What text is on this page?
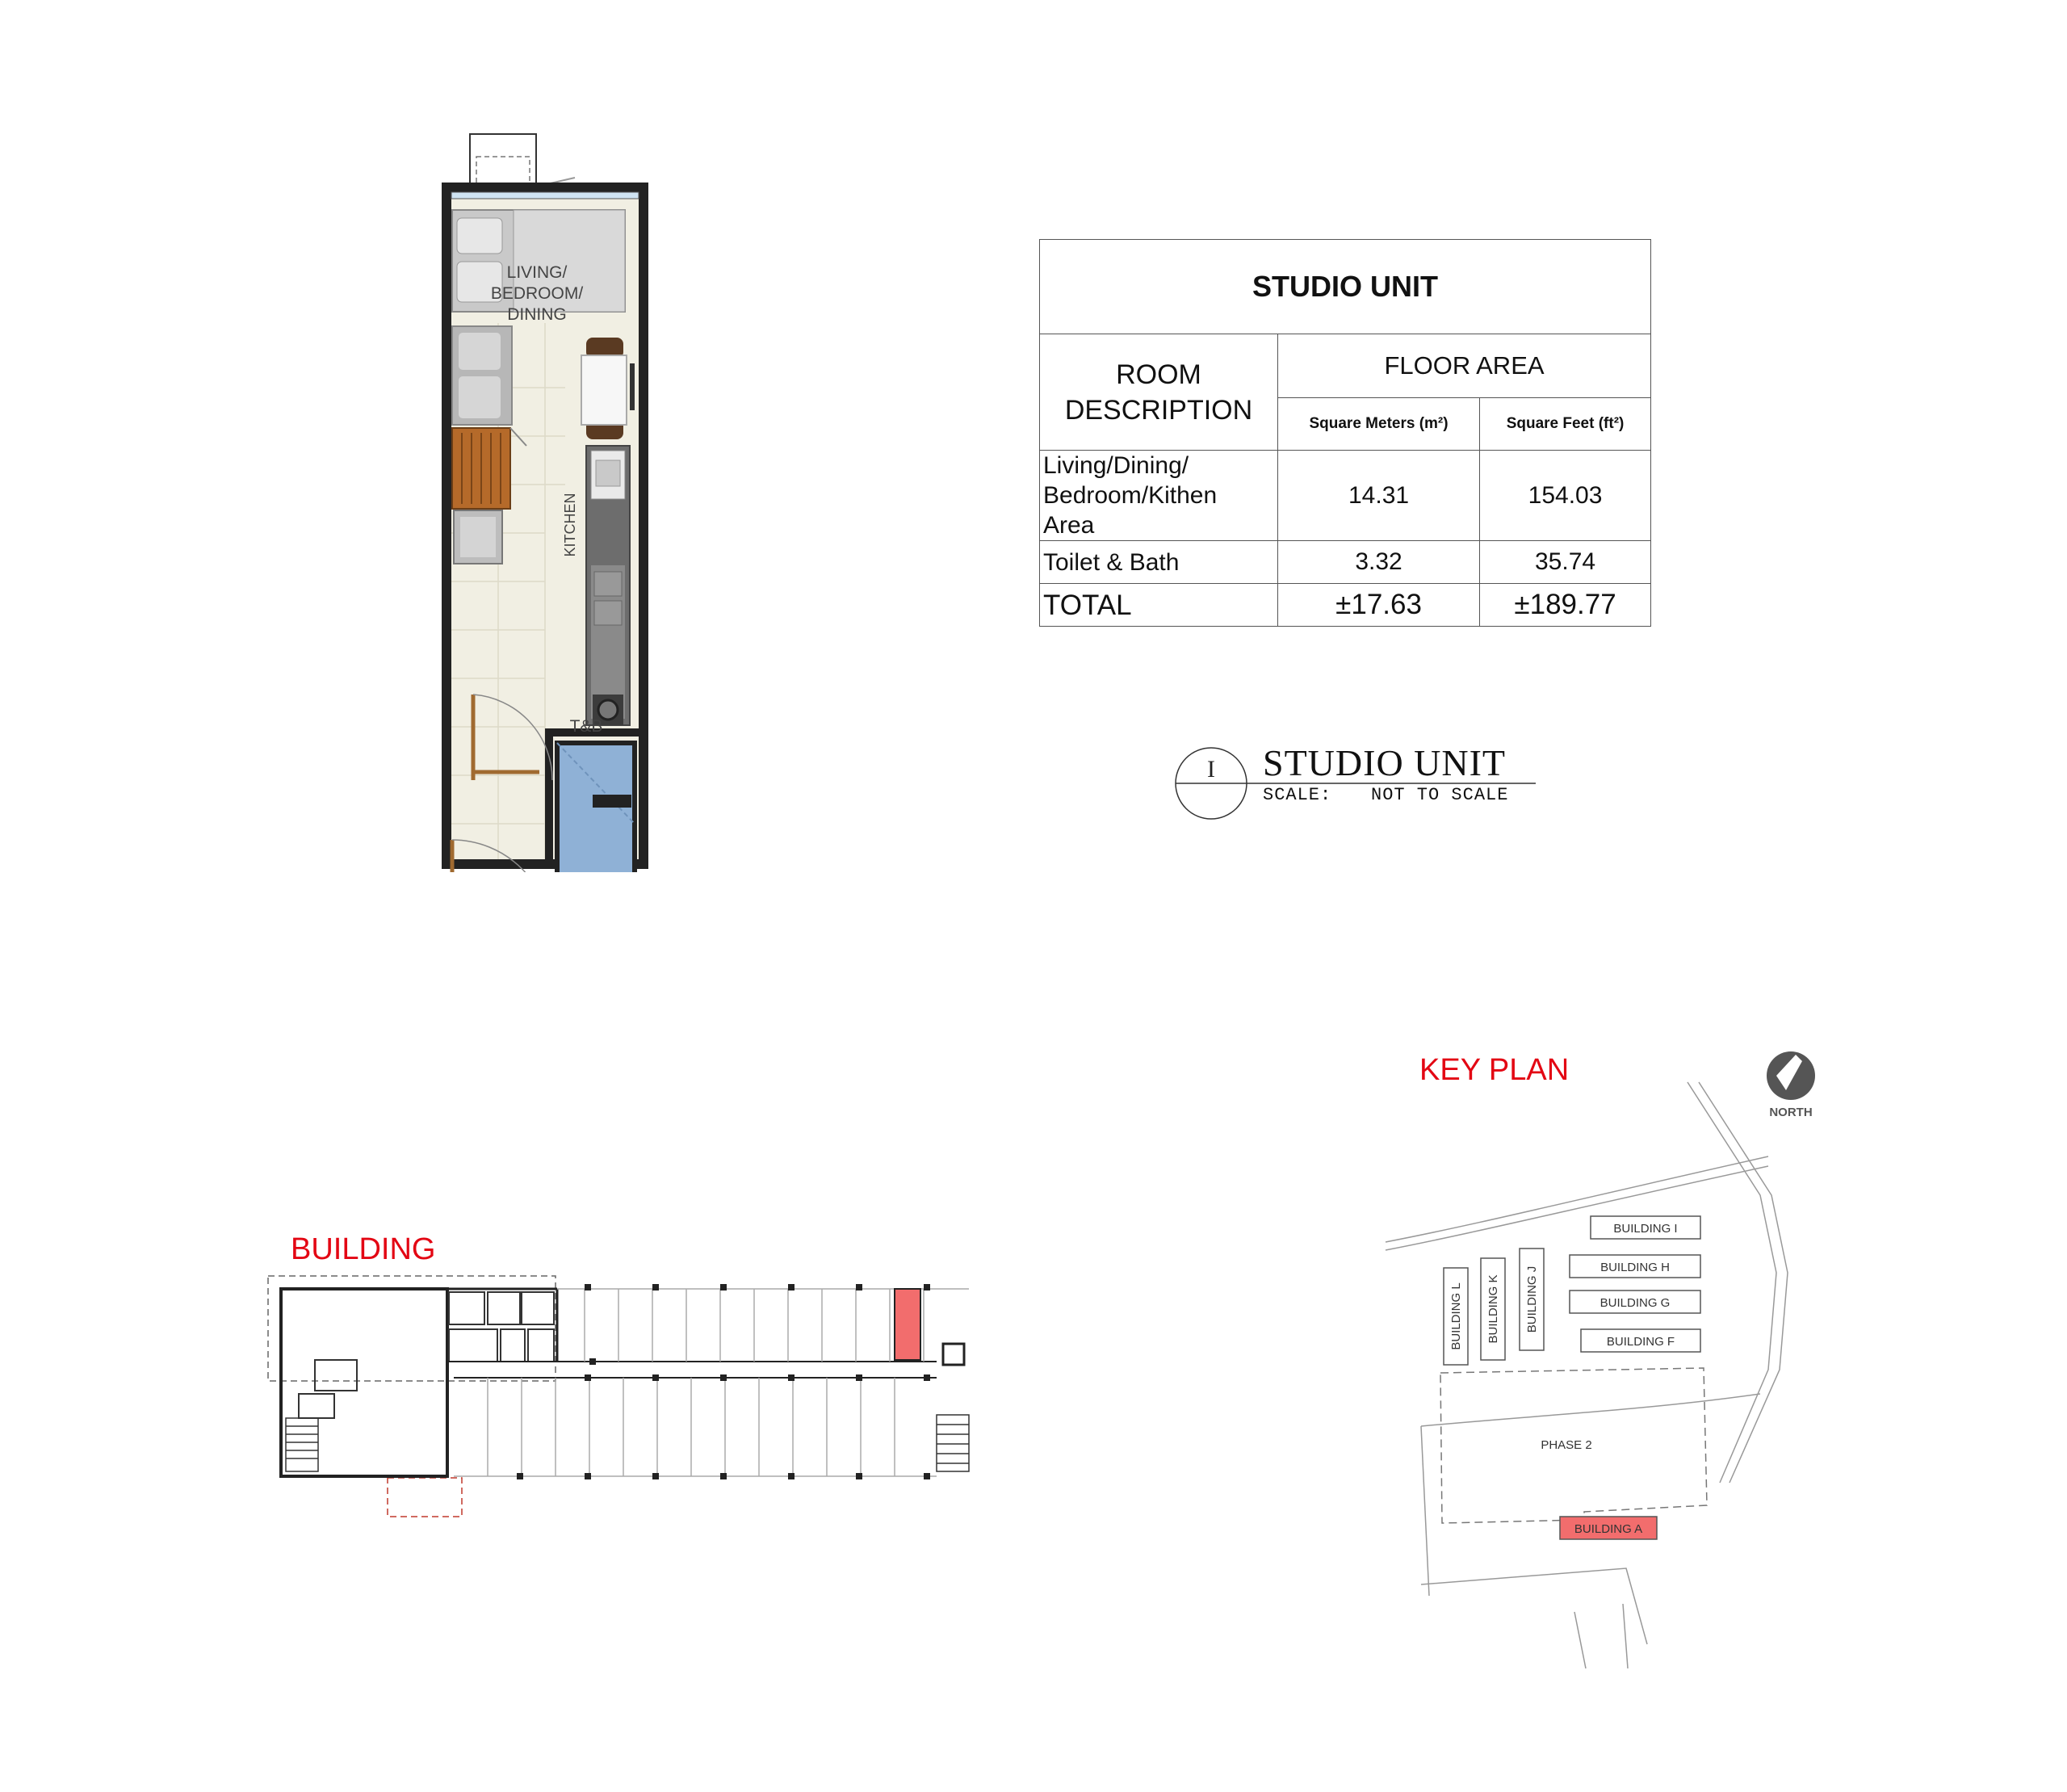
LIVING/
BEDROOM/
DINING
KITCHEN
T&B
STUDIO UNIT		

ROOM
DESCRIPTION	FLOOR AREA	
	Square Meters (m²)	Square Feet (ft²)

Living/Dining/
Bedroom/Kithen
Area	14.31	154.03
Toilet & Bath	3.32	35.74
TOTAL	±17.63	±189.77
I STUDIO UNIT
SCALE: NOT TO SCALE
BUILDING
KEY PLAN
NORTH
BUILDING I
BUILDING H
BUILDING G
BUILDING F
BUILDING L BUILDING K BUILDING J
PHASE 2
BUILDING A
